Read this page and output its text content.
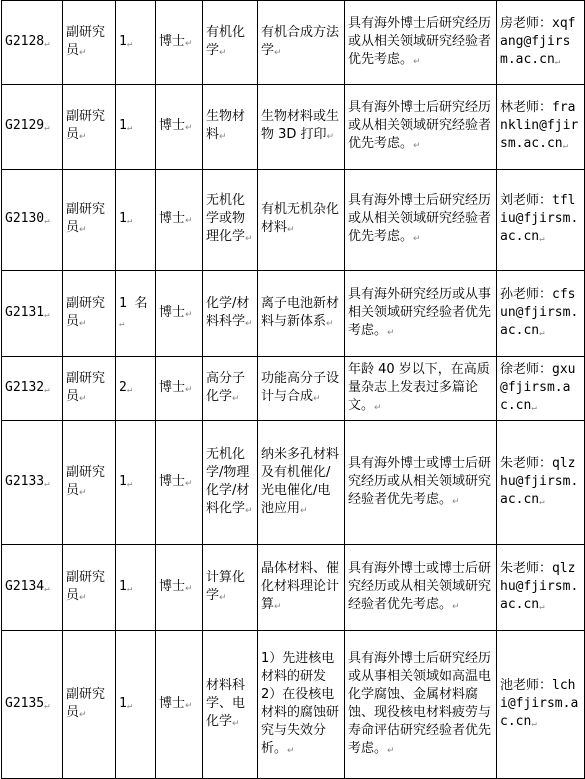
G2128↵	副研究员↵	1↵	博士↵	有机化学↵	有机合成方法学↵	具有海外博士后研究经历或从相关领域研究经验者优先考虑。↵	房老师：xqfang@fjirsm.ac.cn↵
G2129↵	副研究员↵	1↵	博士↵	生物材料↵	生物材料或生物 3D 打印↵	具有海外博士后研究经历或从相关领域研究经验者优先考虑。↵	林老师：franklin@fjirsm.ac.cn↵
G2130↵	副研究员↵	1↵	博士↵	无机化学或物理化学↵	有机无机杂化材料↵	具有海外博士后研究经历或从相关领域研究经验者优先考虑。↵	刘老师：tfliu@fjirsm.ac.cn↵
G2131↵	副研究员↵	1 名↵	博士↵	化学/材料科学↵	离子电池新材料与新体系↵	具有海外研究经历或从事相关领域研究经验者优先考虑。↵	孙老师：cfsun@fjirsm.ac.cn↵
G2132↵	副研究员↵	2↵	博士↵	高分子化学↵	功能高分子设计与合成↵	年龄 40 岁以下，在高质量杂志上发表过多篇论文。↵	徐老师：gxu@fjirsm.ac.cn↵
G2133↵	副研究员↵	1↵	博士↵	无机化学/物理化学/材料化学↵	纳米多孔材料及有机催化/光电催化/电池应用↵	具有海外博士或博士后研究经历或从相关领域研究经验者优先考虑。↵	朱老师：qlzhu@fjirsm.ac.cn↵
G2134↵	副研究员↵	1↵	博士↵	计算化学↵	晶体材料、催化材料理论计算↵	具有海外博士或博士后研究经历或从相关领域研究经验者优先考虑。↵	朱老师：qlzhu@fjirsm.ac.cn↵
G2135↵	副研究员↵	1↵	博士↵	材料科学、电化学↵	1）先进核电材料的研发 2）在役核电材料的腐蚀研究与失效分析。↵	具有海外博士后研究经历或从事相关领域如高温电化学腐蚀、金属材料腐蚀、现役核电材料疲劳与寿命评估研究经验者优先考虑。↵	池老师：lchi@fjirsm.ac.cn↵
